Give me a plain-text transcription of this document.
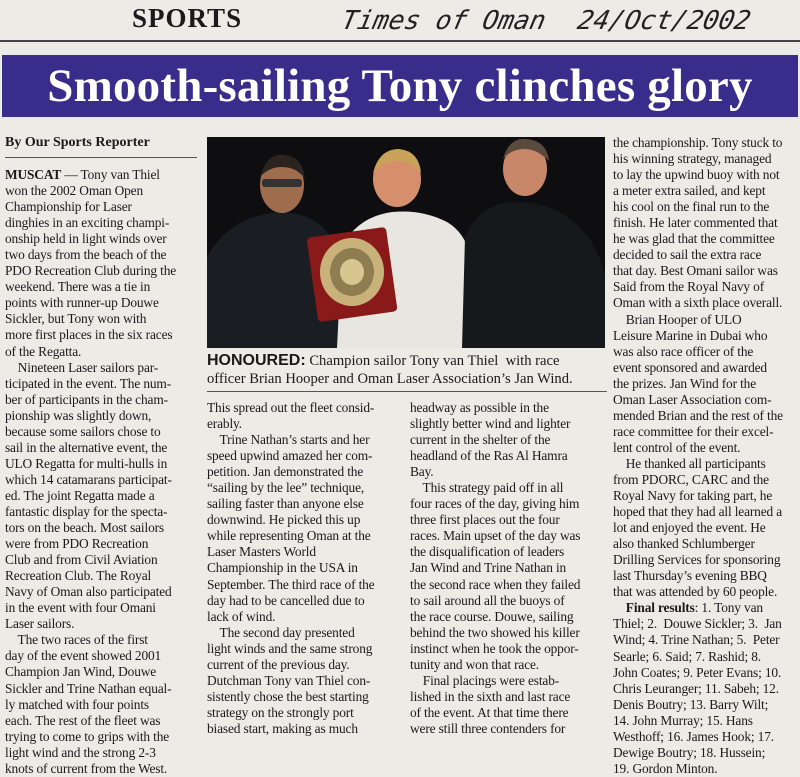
SPORTS	Times of Oman 24/Oct/2002
Smooth-sailing Tony clinches glory
By Our Sports Reporter
MUSCAT — Tony van Thiel
won the 2002 Oman Open
Championship for Laser
dinghies in an exciting champi-
onship held in light winds over
two days from the beach of the
PDO Recreation Club during the
weekend. There was a tie in
points with runner-up Douwe
Sickler, but Tony won with
more first places in the six races
of the Regatta.
Nineteen Laser sailors par-
ticipated in the event. The num-
ber of participants in the cham-
pionship was slightly down,
because some sailors chose to
sail in the alternative event, the
ULO Regatta for multi-hulls in
which 14 catamarans participat-
ed. The joint Regatta made a
fantastic display for the specta-
tors on the beach. Most sailors
were from PDO Recreation
Club and from Civil Aviation
Recreation Club. The Royal
Navy of Oman also participated
in the event with four Omani
Laser sailors.
The two races of the first
day of the event showed 2001
Champion Jan Wind, Douwe
Sickler and Trine Nathan equal-
ly matched with four points
each. The rest of the fleet was
trying to come to grips with the
light wind and the strong 2-3
knots of current from the West.
HONOURED: Champion sailor Tony van Thiel  with race
officer Brian Hooper and Oman Laser Association’s Jan Wind.
This spread out the fleet consid-
erably.
Trine Nathan’s starts and her
speed upwind amazed her com-
petition. Jan demonstrated the
“sailing by the lee” technique,
sailing faster than anyone else
downwind. He picked this up
while representing Oman at the
Laser Masters World
Championship in the USA in
September. The third race of the
day had to be cancelled due to
lack of wind.
The second day presented
light winds and the same strong
current of the previous day.
Dutchman Tony van Thiel con-
sistently chose the best starting
strategy on the strongly port
biased start, making as much
headway as possible in the
slightly better wind and lighter
current in the shelter of the
headland of the Ras Al Hamra
Bay.
This strategy paid off in all
four races of the day, giving him
three first places out the four
races. Main upset of the day was
the disqualification of leaders
Jan Wind and Trine Nathan in
the second race when they failed
to sail around all the buoys of
the race course. Douwe, sailing
behind the two showed his killer
instinct when he took the oppor-
tunity and won that race.
Final placings were estab-
lished in the sixth and last race
of the event. At that time there
were still three contenders for
the championship. Tony stuck to
his winning strategy, managed
to lay the upwind buoy with not
a meter extra sailed, and kept
his cool on the final run to the
finish. He later commented that
he was glad that the committee
decided to sail the extra race
that day. Best Omani sailor was
Said from the Royal Navy of
Oman with a sixth place overall.
Brian Hooper of ULO
Leisure Marine in Dubai who
was also race officer of the
event sponsored and awarded
the prizes. Jan Wind for the
Oman Laser Association com-
mended Brian and the rest of the
race committee for their excel-
lent control of the event.
He thanked all participants
from PDORC, CARC and the
Royal Navy for taking part, he
hoped that they had all learned a
lot and enjoyed the event. He
also thanked Schlumberger
Drilling Services for sponsoring
last Thursday’s evening BBQ
that was attended by 60 people.
Final results: 1. Tony van
Thiel; 2.  Douwe Sickler; 3.  Jan
Wind; 4. Trine Nathan; 5.  Peter
Searle; 6. Said; 7. Rashid; 8.
John Coates; 9. Peter Evans; 10.
Chris Leuranger; 11. Sabeh; 12.
Denis Boutry; 13. Barry Wilt;
14. John Murray; 15. Hans
Westhoff; 16. James Hook; 17.
Dewige Boutry; 18. Hussein;
19. Gordon Minton.
